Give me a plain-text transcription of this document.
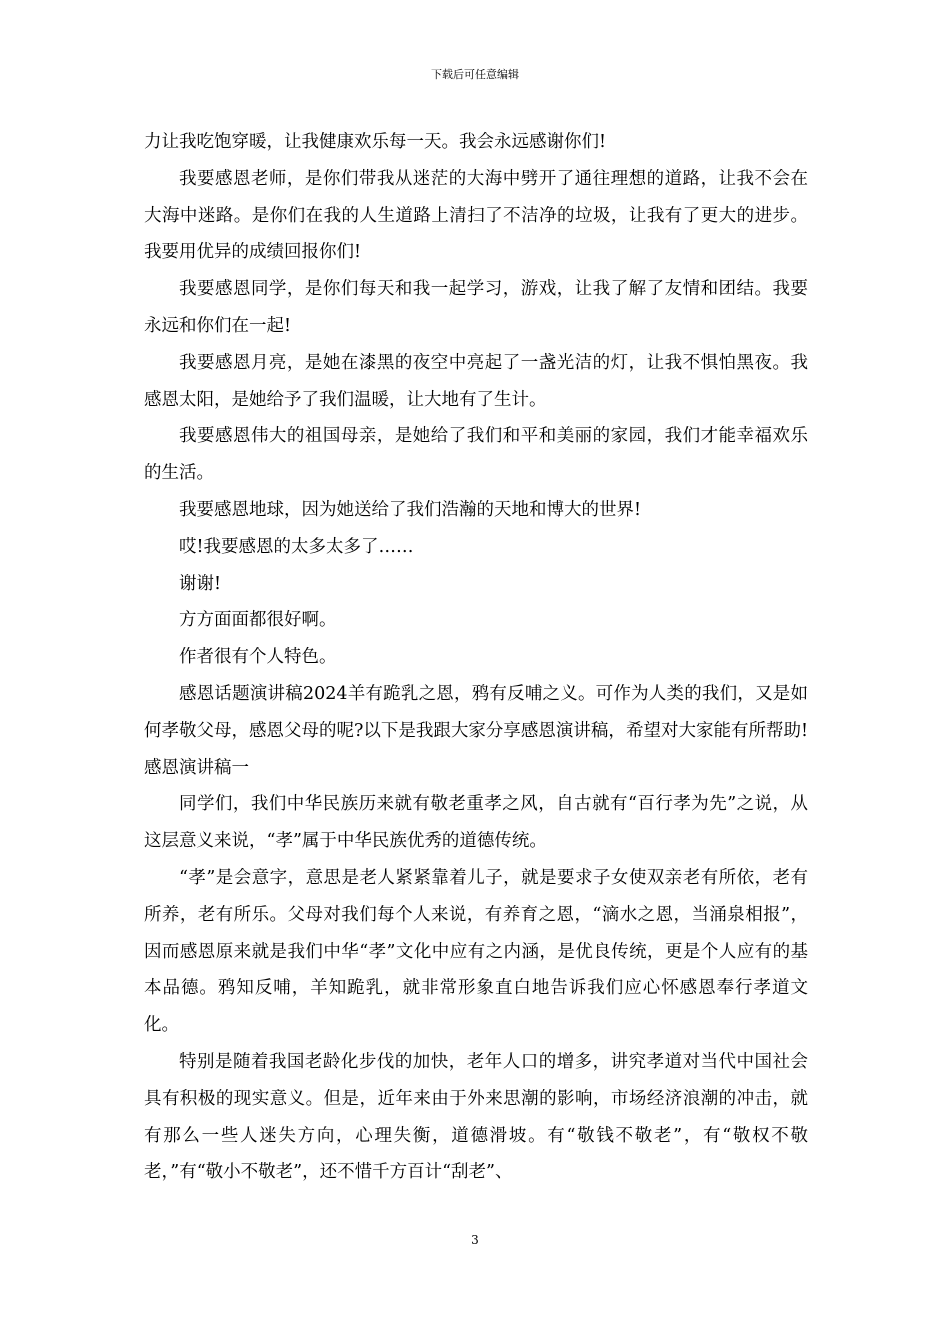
下载后可任意编辑

力让我吃饱穿暖，让我健康欢乐每一天。我会永远感谢你们!

我要感恩老师，是你们带我从迷茫的大海中劈开了通往理想的道路，让我不会在大海中迷路。是你们在我的人生道路上清扫了不洁净的垃圾，让我有了更大的进步。我要用优异的成绩回报你们!

我要感恩同学，是你们每天和我一起学习，游戏，让我了解了友情和团结。我要永远和你们在一起!

我要感恩月亮，是她在漆黑的夜空中亮起了一盏光洁的灯，让我不惧怕黑夜。我感恩太阳，是她给予了我们温暖，让大地有了生计。

我要感恩伟大的祖国母亲，是她给了我们和平和美丽的家园，我们才能幸福欢乐的生活。

我要感恩地球，因为她送给了我们浩瀚的天地和博大的世界!

哎!我要感恩的太多太多了……

谢谢!

方方面面都很好啊。

作者很有个人特色。

感恩话题演讲稿2024羊有跪乳之恩，鸦有反哺之义。可作为人类的我们，又是如何孝敬父母，感恩父母的呢?以下是我跟大家分享感恩演讲稿，希望对大家能有所帮助!感恩演讲稿一

同学们，我们中华民族历来就有敬老重孝之风，自古就有“百行孝为先”之说，从这层意义来说，“孝”属于中华民族优秀的道德传统。

“孝”是会意字，意思是老人紧紧靠着儿子，就是要求子女使双亲老有所依，老有所养，老有所乐。父母对我们每个人来说，有养育之恩，“滴水之恩，当涌泉相报”，因而感恩原来就是我们中华“孝”文化中应有之内涵，是优良传统，更是个人应有的基本品德。鸦知反哺，羊知跪乳，就非常形象直白地告诉我们应心怀感恩奉行孝道文化。

特别是随着我国老龄化步伐的加快，老年人口的增多，讲究孝道对当代中国社会具有积极的现实意义。但是，近年来由于外来思潮的影响，市场经济浪潮的冲击，就有那么一些人迷失方向，心理失衡，道德滑坡。有“敬钱不敬老”，有“敬权不敬老，”有“敬小不敬老”，还不惜千方百计“刮老”、

3
